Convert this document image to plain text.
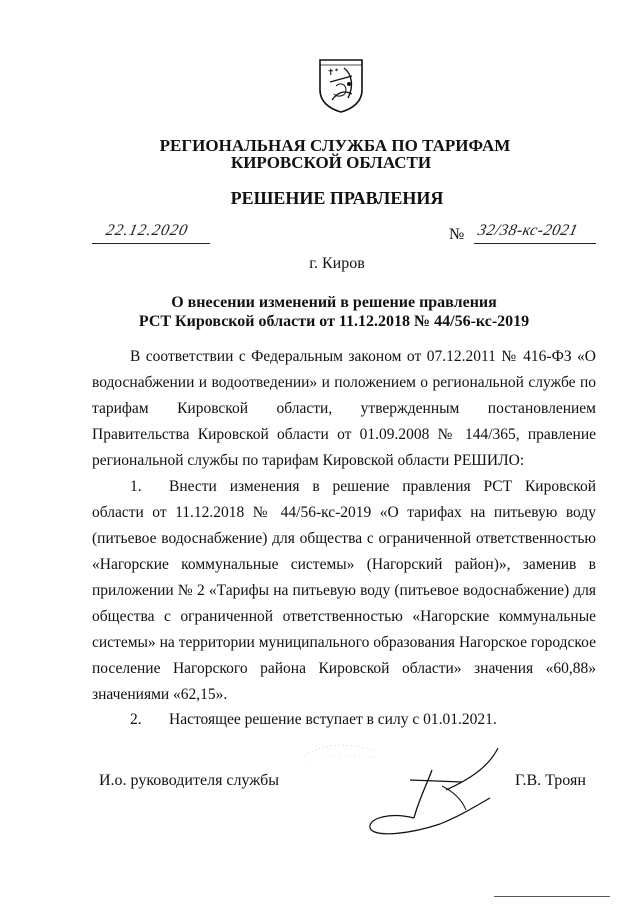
✝ ✶
РЕГИОНАЛЬНАЯ СЛУЖБА ПО ТАРИФАМ
КИРОВСКОЙ ОБЛАСТИ
РЕШЕНИЕ ПРАВЛЕНИЯ
22.12.2020	№ 32/38-кс-2021
г. Киров
О внесении изменений в решение правления
РСТ Кировской области от 11.12.2018 № 44/56-кс-2019
В соответствии с Федеральным законом от 07.12.2011 № 416-ФЗ «О водоснабжении и водоотведении» и положением о региональной службе по тарифам Кировской области, утвержденным постановлением Правительства Кировской области от 01.09.2008 № 144/365, правление региональной службы по тарифам Кировской области РЕШИЛО:
1. Внести изменения в решение правления РСТ Кировской области от 11.12.2018 № 44/56-кс-2019 «О тарифах на питьевую воду (питьевое водоснабжение) для общества с ограниченной ответственностью «Нагорские коммунальные системы» (Нагорский район)», заменив в приложении № 2 «Тарифы на питьевую воду (питьевое водоснабжение) для общества с ограниченной ответственностью «Нагорские коммунальные системы» на территории муниципального образования Нагорское городское поселение Нагорского района Кировской области» значения «60,88» значениями «62,15».
2. Настоящее решение вступает в силу с 01.01.2021.
И.о. руководителя службы	Г.В. Троян
